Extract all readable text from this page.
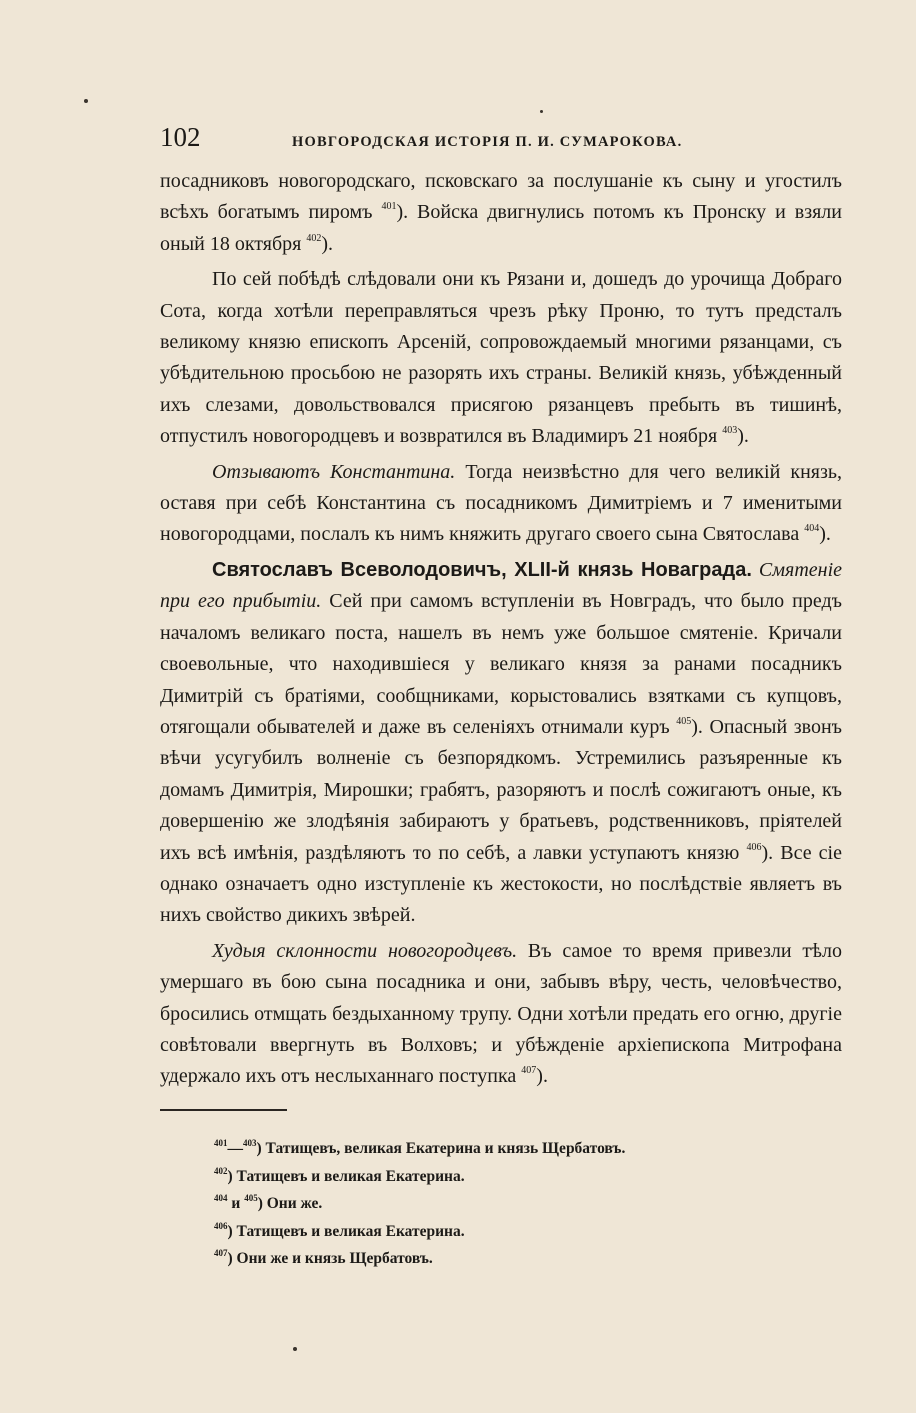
102	НОВГОРОДСКАЯ ИСТОРІЯ П. И. СУМАРОКОВА.

посадниковъ новогородскаго, псковскаго за послушаніе къ сыну и угостилъ всѣхъ богатымъ пиромъ $^{401}$). Войска двигнулись потомъ къ Пронску и взяли оный 18 октября $^{402}$).

По сей побѣдѣ слѣдовали они къ Рязани и, дошедъ до урочища Добраго Сота, когда хотѣли переправляться чрезъ рѣку Проню, то тутъ предсталъ великому князю епископъ Арсеній, сопровождаемый многими рязанцами, съ убѣдительною просьбою не разорять ихъ страны. Великій князь, убѣжденный ихъ слезами, довольствовался присягою рязанцевъ пребыть въ тишинѣ, отпустилъ новогородцевъ и возвратился въ Владимиръ 21 ноября $^{403}$).

Отзываютъ Константина. Тогда неизвѣстно для чего великій князь, оставя при себѣ Константина съ посадникомъ Димитріемъ и 7 именитыми новогородцами, послалъ къ нимъ княжить другаго своего сына Святослава $^{404}$).

Святославъ Всеволодовичъ, XLII-й князь Новаграда. Смятеніе при его прибытіи. Сей при самомъ вступленіи въ Новградъ, что было предъ началомъ великаго поста, нашелъ въ немъ уже большое смятеніе. Кричали своевольные, что находившіеся у великаго князя за ранами посадникъ Димитрій съ братіями, сообщниками, корыстовались взятками съ купцовъ, отягощали обывателей и даже въ селеніяхъ отнимали куръ $^{405}$). Опасный звонъ вѣчи усугубилъ волненіе съ безпорядкомъ. Устремились разъяренные къ домамъ Димитрія, Мирошки; грабятъ, разоряютъ и послѣ сожигаютъ оные, къ довершенію же злодѣянія забираютъ у братьевъ, родственниковъ, пріятелей ихъ всѣ имѣнія, раздѣляютъ то по себѣ, а лавки уступаютъ князю $^{406}$). Все сіе однако означаетъ одно изступленіе къ жестокости, но послѣдствіе являетъ въ нихъ свойство дикихъ звѣрей.

Худыя склонности новогородцевъ. Въ самое то время привезли тѣло умершаго въ бою сына посадника и они, забывъ вѣру, честь, человѣчество, бросились отмщать бездыханному трупу. Одни хотѣли предать его огню, другіе совѣтовали ввергнуть въ Волховъ; и убѣжденіе архіепископа Митрофана удержало ихъ отъ неслыханнаго поступка $^{407}$).

$^{401}$—$^{403}$) Татищевъ, великая Екатерина и князь Щербатовъ.
$^{402}$) Татищевъ и великая Екатерина.
$^{404}$ и $^{405}$) Они же.
$^{406}$) Татищевъ и великая Екатерина.
$^{407}$) Они же и князь Щербатовъ.
